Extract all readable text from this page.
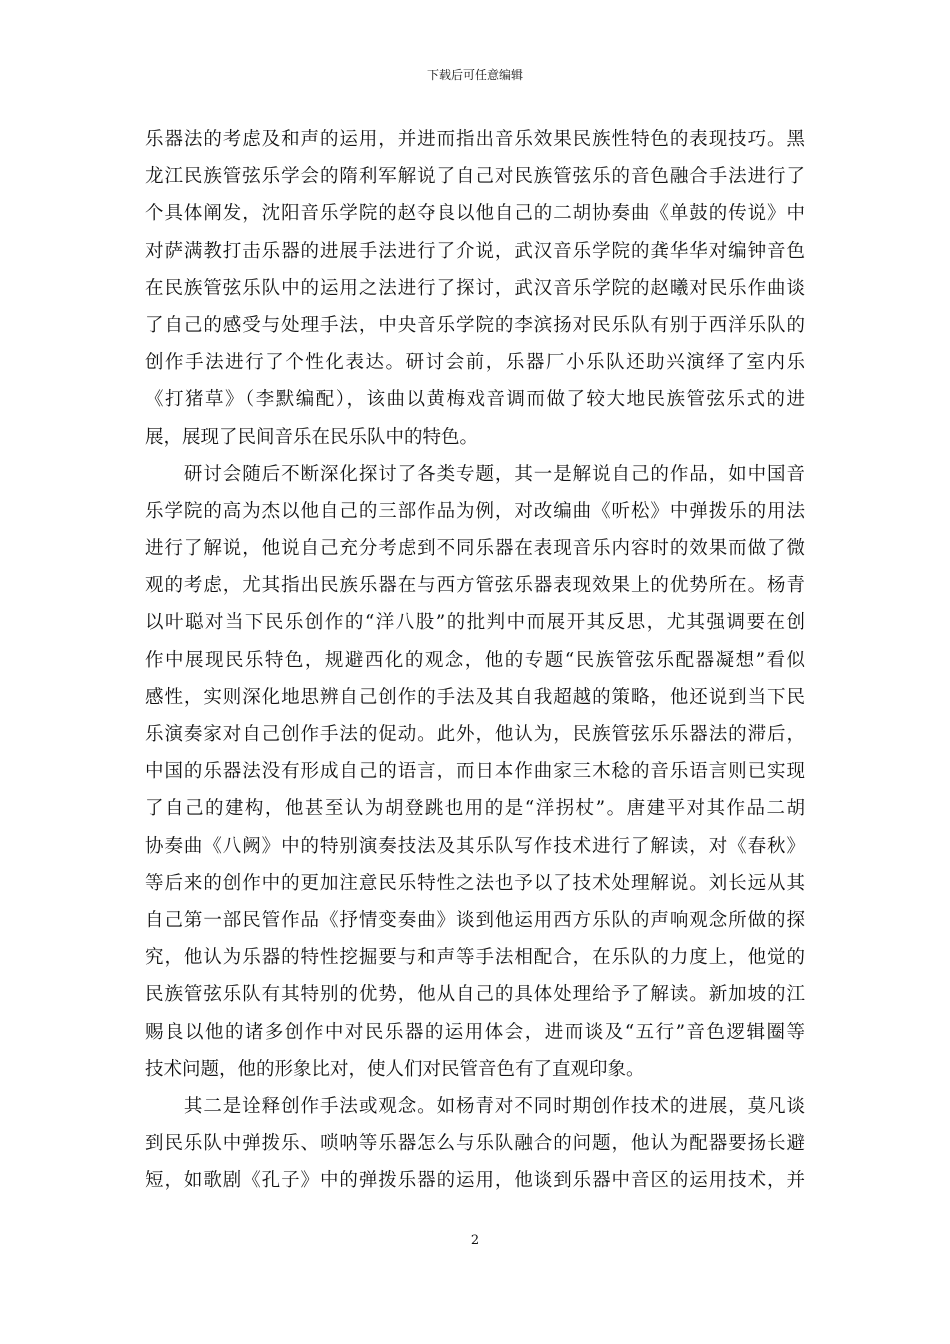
下载后可任意编辑
乐器法的考虑及和声的运用，并进而指出音乐效果民族性特色的表现技巧。黑
龙江民族管弦乐学会的隋利军解说了自己对民族管弦乐的音色融合手法进行了
个具体阐发，沈阳音乐学院的赵夺良以他自己的二胡协奏曲《单鼓的传说》中
对萨满教打击乐器的进展手法进行了介说，武汉音乐学院的龚华华对编钟音色
在民族管弦乐队中的运用之法进行了探讨，武汉音乐学院的赵曦对民乐作曲谈
了自己的感受与处理手法，中央音乐学院的李滨扬对民乐队有别于西洋乐队的
创作手法进行了个性化表达。研讨会前，乐器厂小乐队还助兴演绎了室内乐
《打猪草》（李默编配），该曲以黄梅戏音调而做了较大地民族管弦乐式的进
展，展现了民间音乐在民乐队中的特色。
　　研讨会随后不断深化探讨了各类专题，其一是解说自己的作品，如中国音
乐学院的高为杰以他自己的三部作品为例，对改编曲《听松》中弹拨乐的用法
进行了解说，他说自己充分考虑到不同乐器在表现音乐内容时的效果而做了微
观的考虑，尤其指出民族乐器在与西方管弦乐器表现效果上的优势所在。杨青
以叶聪对当下民乐创作的“洋八股”的批判中而展开其反思，尤其强调要在创
作中展现民乐特色，规避西化的观念，他的专题“民族管弦乐配器凝想”看似
感性，实则深化地思辨自己创作的手法及其自我超越的策略，他还说到当下民
乐演奏家对自己创作手法的促动。此外，他认为，民族管弦乐乐器法的滞后，
中国的乐器法没有形成自己的语言，而日本作曲家三木稔的音乐语言则已实现
了自己的建构，他甚至认为胡登跳也用的是“洋拐杖”。唐建平对其作品二胡
协奏曲《八阙》中的特别演奏技法及其乐队写作技术进行了解读，对《春秋》
等后来的创作中的更加注意民乐特性之法也予以了技术处理解说。刘长远从其
自己第一部民管作品《抒情变奏曲》谈到他运用西方乐队的声响观念所做的探
究，他认为乐器的特性挖掘要与和声等手法相配合，在乐队的力度上，他觉的
民族管弦乐队有其特别的优势，他从自己的具体处理给予了解读。新加坡的江
赐良以他的诸多创作中对民乐器的运用体会，进而谈及“五行”音色逻辑圈等
技术问题，他的形象比对，使人们对民管音色有了直观印象。
　　其二是诠释创作手法或观念。如杨青对不同时期创作技术的进展，莫凡谈
到民乐队中弹拨乐、唢呐等乐器怎么与乐队融合的问题，他认为配器要扬长避
短，如歌剧《孔子》中的弹拨乐器的运用，他谈到乐器中音区的运用技术，并
2
